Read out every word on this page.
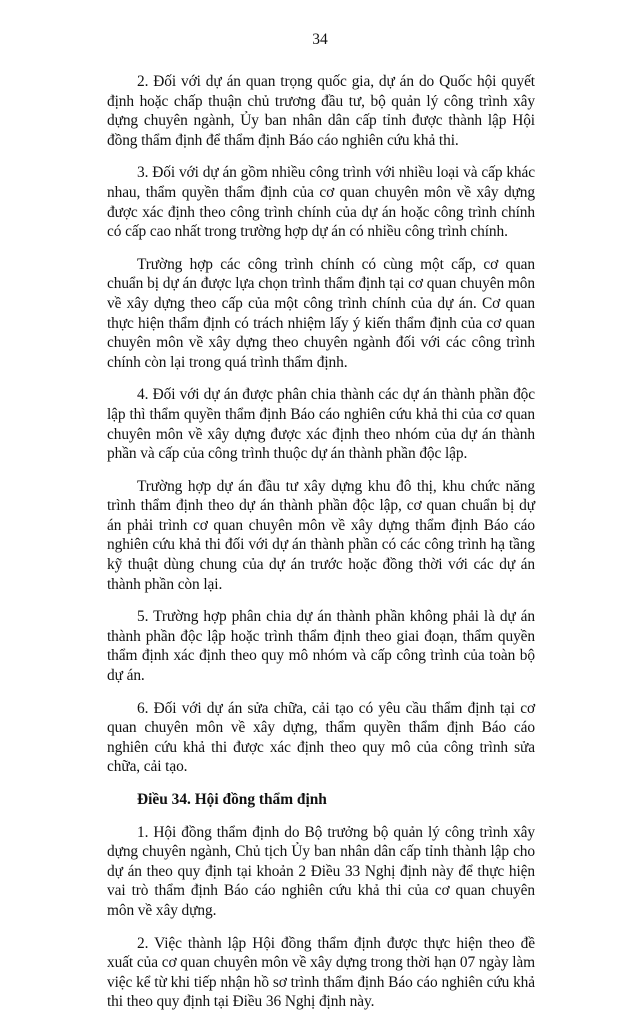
34

2. Đối với dự án quan trọng quốc gia, dự án do Quốc hội quyết định hoặc chấp thuận chủ trương đầu tư, bộ quản lý công trình xây dựng chuyên ngành, Ủy ban nhân dân cấp tỉnh được thành lập Hội đồng thẩm định để thẩm định Báo cáo nghiên cứu khả thi.

3. Đối với dự án gồm nhiều công trình với nhiều loại và cấp khác nhau, thẩm quyền thẩm định của cơ quan chuyên môn về xây dựng được xác định theo công trình chính của dự án hoặc công trình chính có cấp cao nhất trong trường hợp dự án có nhiều công trình chính.

Trường hợp các công trình chính có cùng một cấp, cơ quan chuẩn bị dự án được lựa chọn trình thẩm định tại cơ quan chuyên môn về xây dựng theo cấp của một công trình chính của dự án. Cơ quan thực hiện thẩm định có trách nhiệm lấy ý kiến thẩm định của cơ quan chuyên môn về xây dựng theo chuyên ngành đối với các công trình chính còn lại trong quá trình thẩm định.

4. Đối với dự án được phân chia thành các dự án thành phần độc lập thì thẩm quyền thẩm định Báo cáo nghiên cứu khả thi của cơ quan chuyên môn về xây dựng được xác định theo nhóm của dự án thành phần và cấp của công trình thuộc dự án thành phần độc lập.

Trường hợp dự án đầu tư xây dựng khu đô thị, khu chức năng trình thẩm định theo dự án thành phần độc lập, cơ quan chuẩn bị dự án phải trình cơ quan chuyên môn về xây dựng thẩm định Báo cáo nghiên cứu khả thi đối với dự án thành phần có các công trình hạ tầng kỹ thuật dùng chung của dự án trước hoặc đồng thời với các dự án thành phần còn lại.

5. Trường hợp phân chia dự án thành phần không phải là dự án thành phần độc lập hoặc trình thẩm định theo giai đoạn, thẩm quyền thẩm định xác định theo quy mô nhóm và cấp công trình của toàn bộ dự án.

6. Đối với dự án sửa chữa, cải tạo có yêu cầu thẩm định tại cơ quan chuyên môn về xây dựng, thẩm quyền thẩm định Báo cáo nghiên cứu khả thi được xác định theo quy mô của công trình sửa chữa, cải tạo.

Điều 34. Hội đồng thẩm định

1. Hội đồng thẩm định do Bộ trưởng bộ quản lý công trình xây dựng chuyên ngành, Chủ tịch Ủy ban nhân dân cấp tỉnh thành lập cho dự án theo quy định tại khoản 2 Điều 33 Nghị định này để thực hiện vai trò thẩm định Báo cáo nghiên cứu khả thi của cơ quan chuyên môn về xây dựng.

2. Việc thành lập Hội đồng thẩm định được thực hiện theo đề xuất của cơ quan chuyên môn về xây dựng trong thời hạn 07 ngày làm việc kể từ khi tiếp nhận hồ sơ trình thẩm định Báo cáo nghiên cứu khả thi theo quy định tại Điều 36 Nghị định này.
